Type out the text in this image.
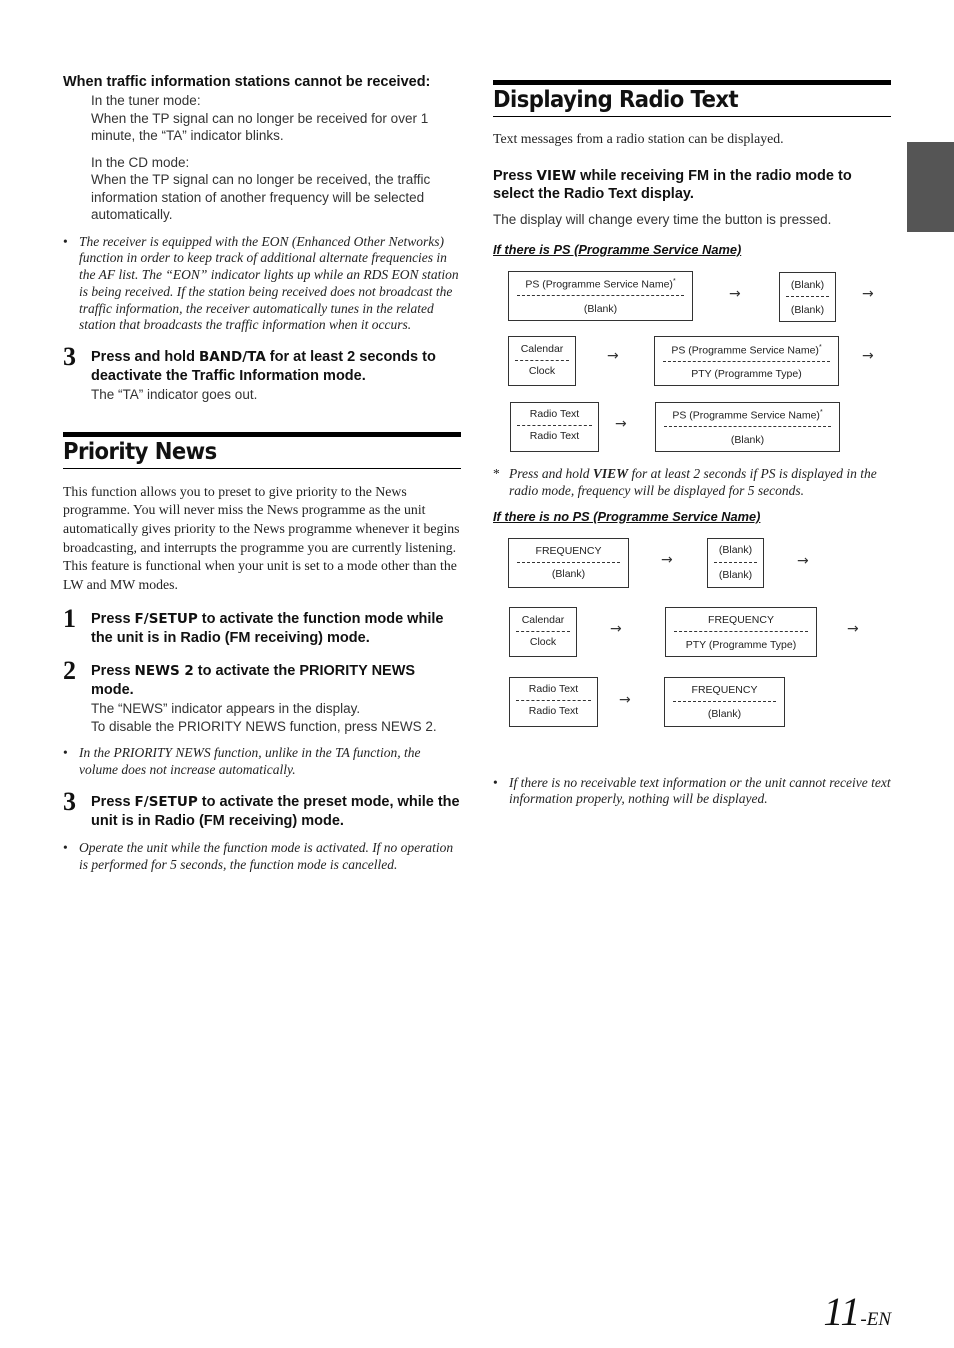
When traffic information stations cannot be received:

In the tuner mode:

When the TP signal can no longer be received for over 1 minute, the “TA” indicator blinks.

In the CD mode:

When the TP signal can no longer be received, the traffic information station of another frequency will be selected automatically.

• The receiver is equipped with the EON (Enhanced Other Networks) function in order to keep track of additional alternate frequencies in the AF list. The “EON” indicator lights up while an RDS EON station is being received. If the station being received does not broadcast the traffic information, the receiver automatically tunes in the related station that broadcasts the traffic information when it occurs.
3 Press and hold BAND/TA for at least 2 seconds to deactivate the Traffic Information mode.
The “TA” indicator goes out.
Priority News

This function allows you to preset to give priority to the News programme. You will never miss the News programme as the unit automatically gives priority to the News programme whenever it begins broadcasting, and interrupts the programme you are currently listening. This feature is functional when your unit is set to a mode other than the LW and MW modes.

1 Press F/SETUP to activate the function mode while the unit is in Radio (FM receiving) mode.
2 Press NEWS 2 to activate the PRIORITY NEWS mode.
The “NEWS” indicator appears in the display.
To disable the PRIORITY NEWS function, press NEWS 2.
• In the PRIORITY NEWS function, unlike in the TA function, the volume does not increase automatically.
3 Press F/SETUP to activate the preset mode, while the unit is in Radio (FM receiving) mode.
• Operate the unit while the function mode is activated. If no operation is performed for 5 seconds, the function mode is cancelled.
Displaying Radio Text

Text messages from a radio station can be displayed.

Press VIEW while receiving FM in the radio mode to select the Radio Text display.

The display will change every time the button is pressed.

If there is PS (Programme Service Name)
PS (Programme Service Name)*
(Blank)
→
(Blank)
(Blank)
→
Calendar
Clock
→	PS (Programme Service Name)*
PTY (Programme Type)
→
Radio Text
Radio Text
→
PS (Programme Service Name)*
(Blank)
* Press and hold VIEW for at least 2 seconds if PS is displayed in the radio mode, frequency will be displayed for 5 seconds.
If there is no PS (Programme Service Name)
FREQUENCY
(Blank)
→
(Blank)
(Blank)
→
Calendar
Clock
→
FREQUENCY
PTY (Programme Type)
→
Radio Text
Radio Text
→
FREQUENCY
(Blank)
• If there is no receivable text information or the unit cannot receive text information properly, nothing will be displayed.
11-EN
